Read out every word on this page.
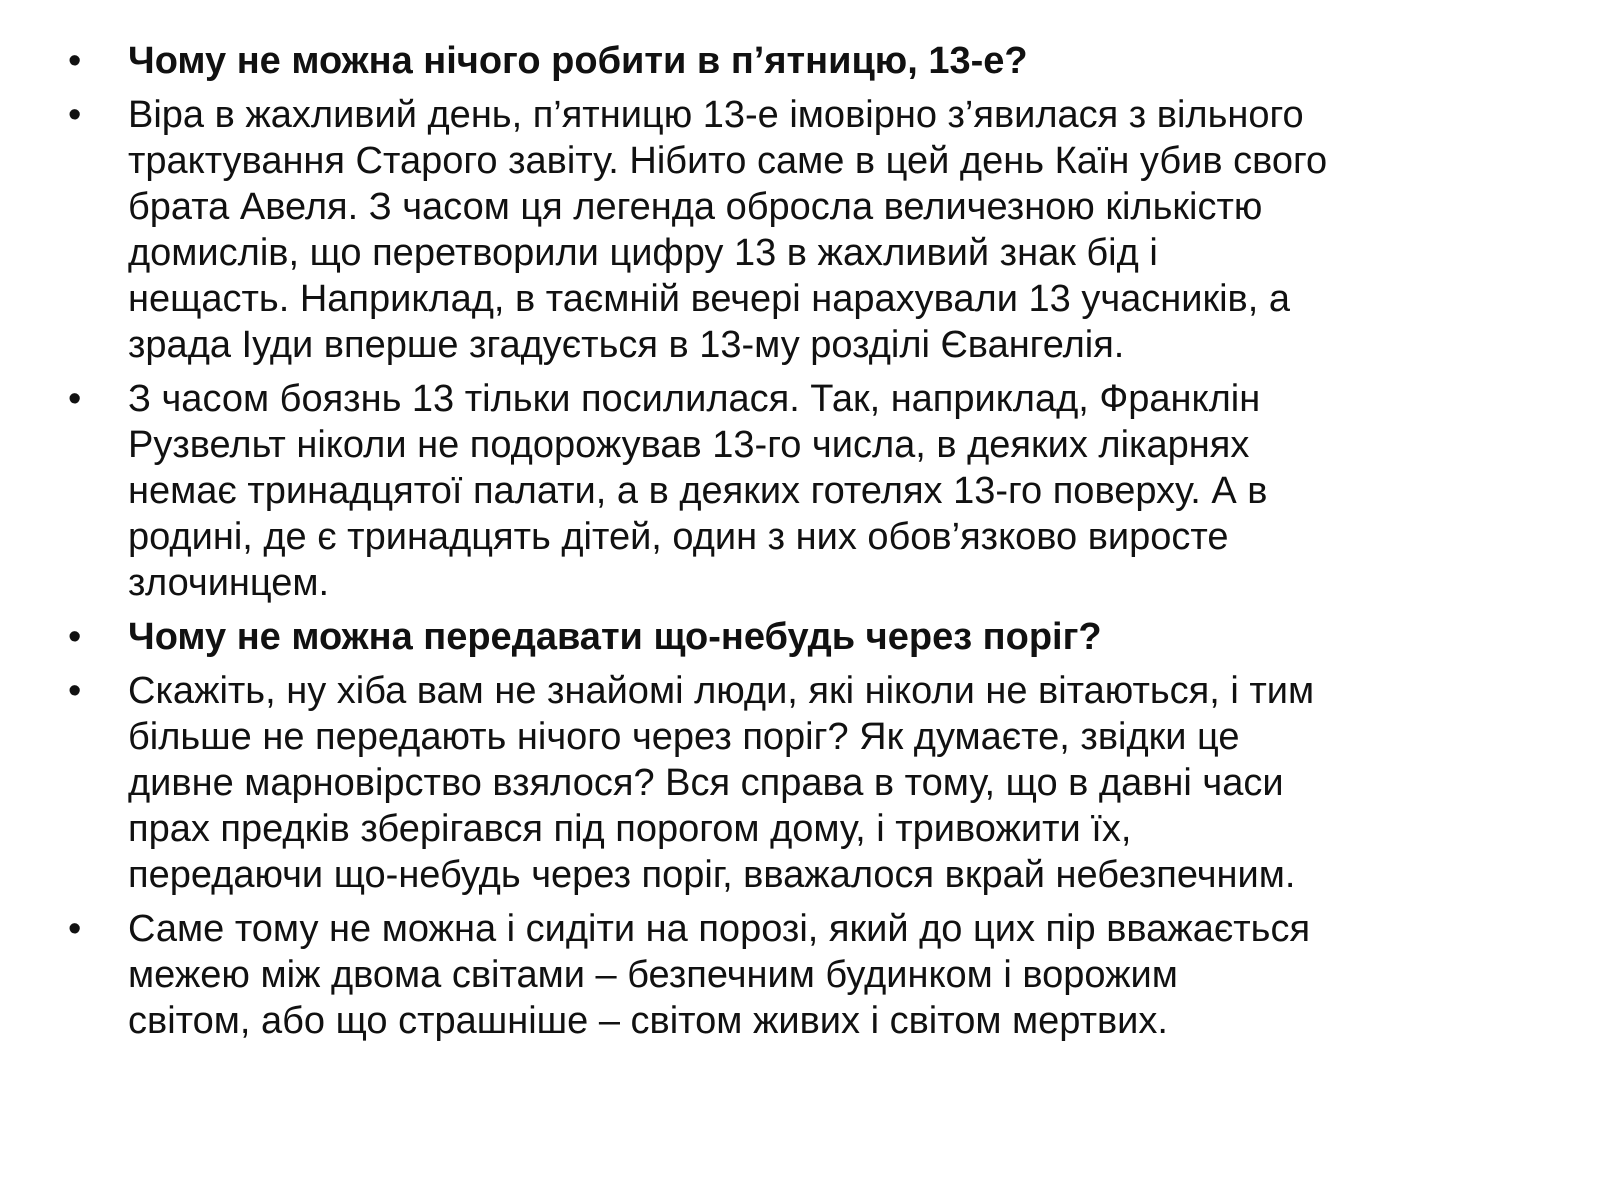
• Чому не можна нічого робити в п’ятницю, 13-е?
• Віра в жахливий день, п’ятницю 13-е імовірно з’явилася з вільного
трактування Старого завіту. Нібито саме в цей день Каїн убив свого
брата Авеля. З часом ця легенда обросла величезною кількістю
домислів, що перетворили цифру 13 в жахливий знак бід і
нещасть. Наприклад, в таємній вечері нарахували 13 учасників, а
зрада Іуди вперше згадується в 13-му розділі Євангелія.
• З часом боязнь 13 тільки посилилася. Так, наприклад, Франклін
Рузвельт ніколи не подорожував 13-го числа, в деяких лікарнях
немає тринадцятої палати, а в деяких готелях 13-го поверху. А в
родині, де є тринадцять дітей, один з них обов’язково виросте
злочинцем.
• Чому не можна передавати що-небудь через поріг?
• Скажіть, ну хіба вам не знайомі люди, які ніколи не вітаються, і тим
більше не передають нічого через поріг? Як думаєте, звідки це
дивне марновірство взялося? Вся справа в тому, що в давні часи
прах предків зберігався під порогом дому, і тривожити їх,
передаючи що-небудь через поріг, вважалося вкрай небезпечним.
• Саме тому не можна і сидіти на порозі, який до цих пір вважається
межею між двома світами – безпечним будинком і ворожим
світом, або що страшніше – світом живих і світом мертвих.
